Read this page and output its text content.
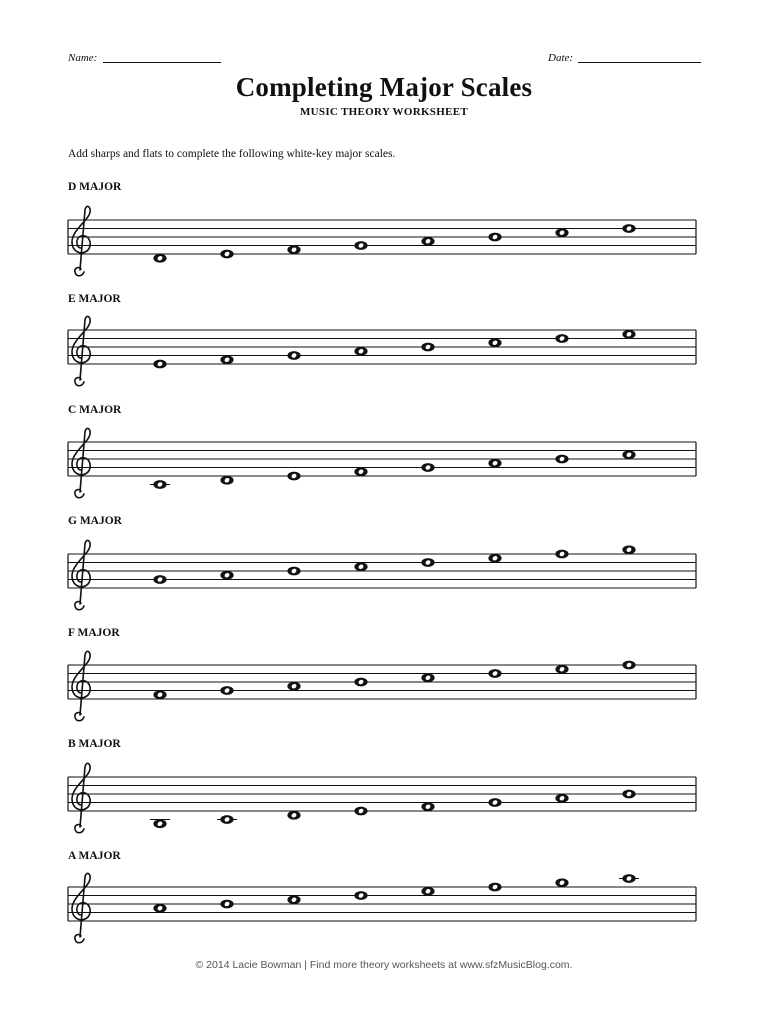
Name:	Date:
Completing Major Scales
MUSIC THEORY WORKSHEET
Add sharps and flats to complete the following white-key major scales.
D MAJOR
E MAJOR
C MAJOR
G MAJOR
F MAJOR
B MAJOR
A MAJOR
© 2014 Lacie Bowman | Find more theory worksheets at www.sfzMusicBlog.com.
